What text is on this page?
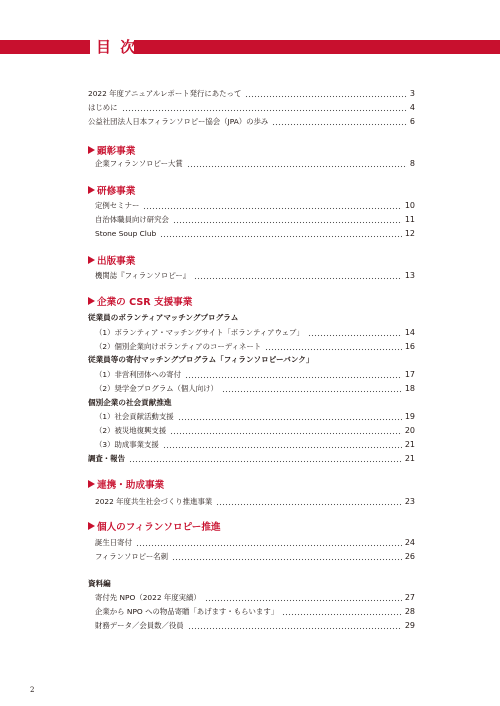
目 次
2022 年度アニュアルレポート発行にあたって	3
はじめに	4
公益社団法人日本フィランソロピー協会（JPA）の歩み	6
顕彰事業
企業フィランソロピー大賞	8
研修事業
定例セミナー	10
自治体職員向け研究会	11
Stone Soup Club	12
出版事業
機関誌『フィランソロピー』	13
企業の CSR 支援事業
従業員のボランティアマッチングプログラム
（1）ボランティア・マッチングサイト「ボランティアウェブ」	14
（2）個別企業向けボランティアのコーディネート	16
従業員等の寄付マッチングプログラム「フィランソロピーバンク」
（1）非営利団体への寄付	17
（2）奨学金プログラム（個人向け）	18
個別企業の社会貢献推進
（1）社会貢献活動支援	19
（2）被災地復興支援	20
（3）助成事業支援	21
調査・報告	21
連携・助成事業
2022 年度共生社会づくり推進事業	23
個人のフィランソロピー推進
誕生日寄付	24
フィランソロピー名刺	26
資料編
寄付先 NPO（2022 年度実績）	27
企業から NPO への物品寄贈「あげます・もらいます」	28
財務データ／会員数／役員	29
2
